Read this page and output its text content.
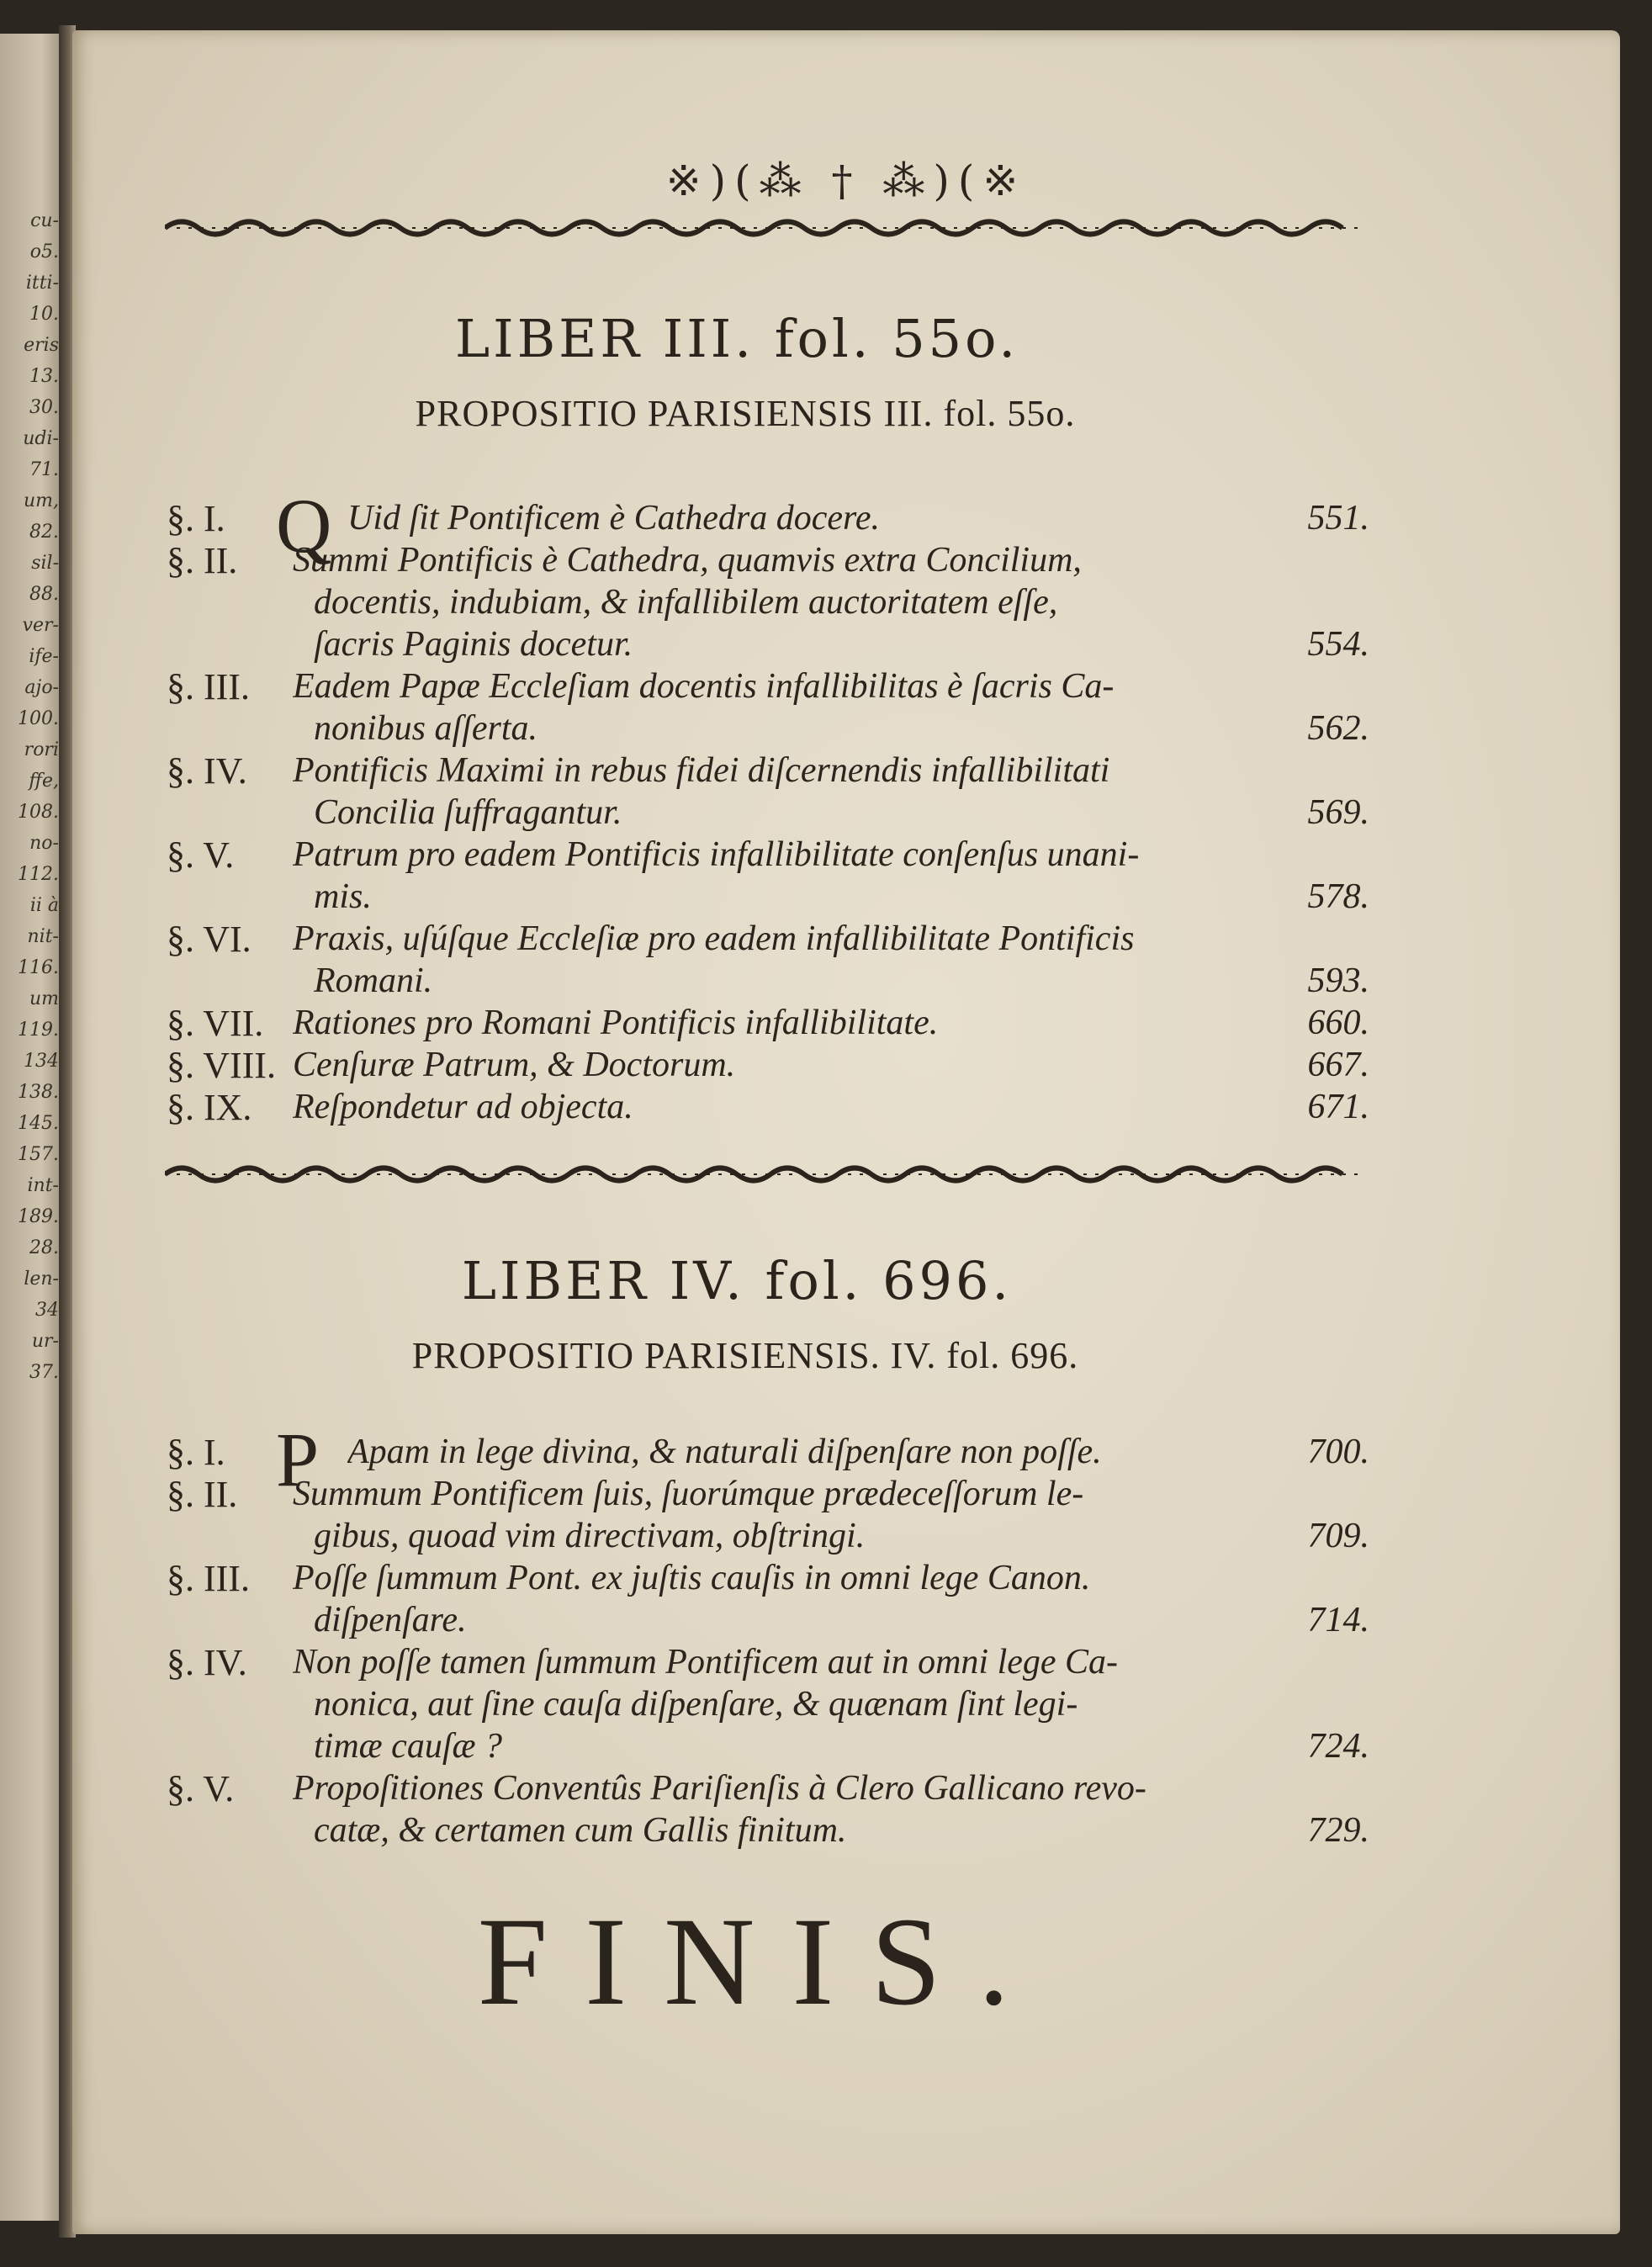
cu-
o5.
itti-
10.
eris
13.
30.
udi-
71.
um,
82.
sil-
88.
ver-
ife-
ajo-
100.
rori
ffe,
108.
no-
112.
ii à
nit-
116.
um
119.
134
138.
145.
157.
int-
189.
28.
len-
34
ur-
37.
※)(⁂ † ⁂)(※
LIBER III. fol. 55o.
PROPOSITIO PARISIENSIS III. fol. 55o.
§. I. Q Uid ſit Pontificem è Cathedra docere.	551.
§. II. Summi Pontificis è Cathedra, quamvis extra Concilium,
docentis, indubiam, & infallibilem auctoritatem eſſe,
ſacris Paginis docetur.	554.
§. III. Eadem Papæ Eccleſiam docentis infallibilitas è ſacris Ca-
nonibus aſſerta.	562.
§. IV. Pontificis Maximi in rebus fidei diſcernendis infallibilitati
Concilia ſuffragantur.	569.
§. V. Patrum pro eadem Pontificis infallibilitate conſenſus unani-
mis.	578.
§. VI. Praxis, uſúſque Eccleſiæ pro eadem infallibilitate Pontificis
Romani.	593.
§. VII. Rationes pro Romani Pontificis infallibilitate.	660.
§. VIII. Cenſuræ Patrum, & Doctorum.	667.
§. IX. Reſpondetur ad objecta.	671.
LIBER IV. fol. 696.
PROPOSITIO PARISIENSIS. IV. fol. 696.
§. I. P Apam in lege divina, & naturali diſpenſare non poſſe.	700.
§. II. Summum Pontificem ſuis, ſuorúmque prædeceſſorum le-
gibus, quoad vim directivam, obſtringi.	709.
§. III. Poſſe ſummum Pont. ex juſtis cauſis in omni lege Canon.
diſpenſare.	714.
§. IV. Non poſſe tamen ſummum Pontificem aut in omni lege Ca-
nonica, aut ſine cauſa diſpenſare, & quænam ſint legi-
timæ cauſæ ?	724.
§. V. Propoſitiones Conventûs Pariſienſis à Clero Gallicano revo-
catæ, & certamen cum Gallis finitum.	729.
FINIS.
